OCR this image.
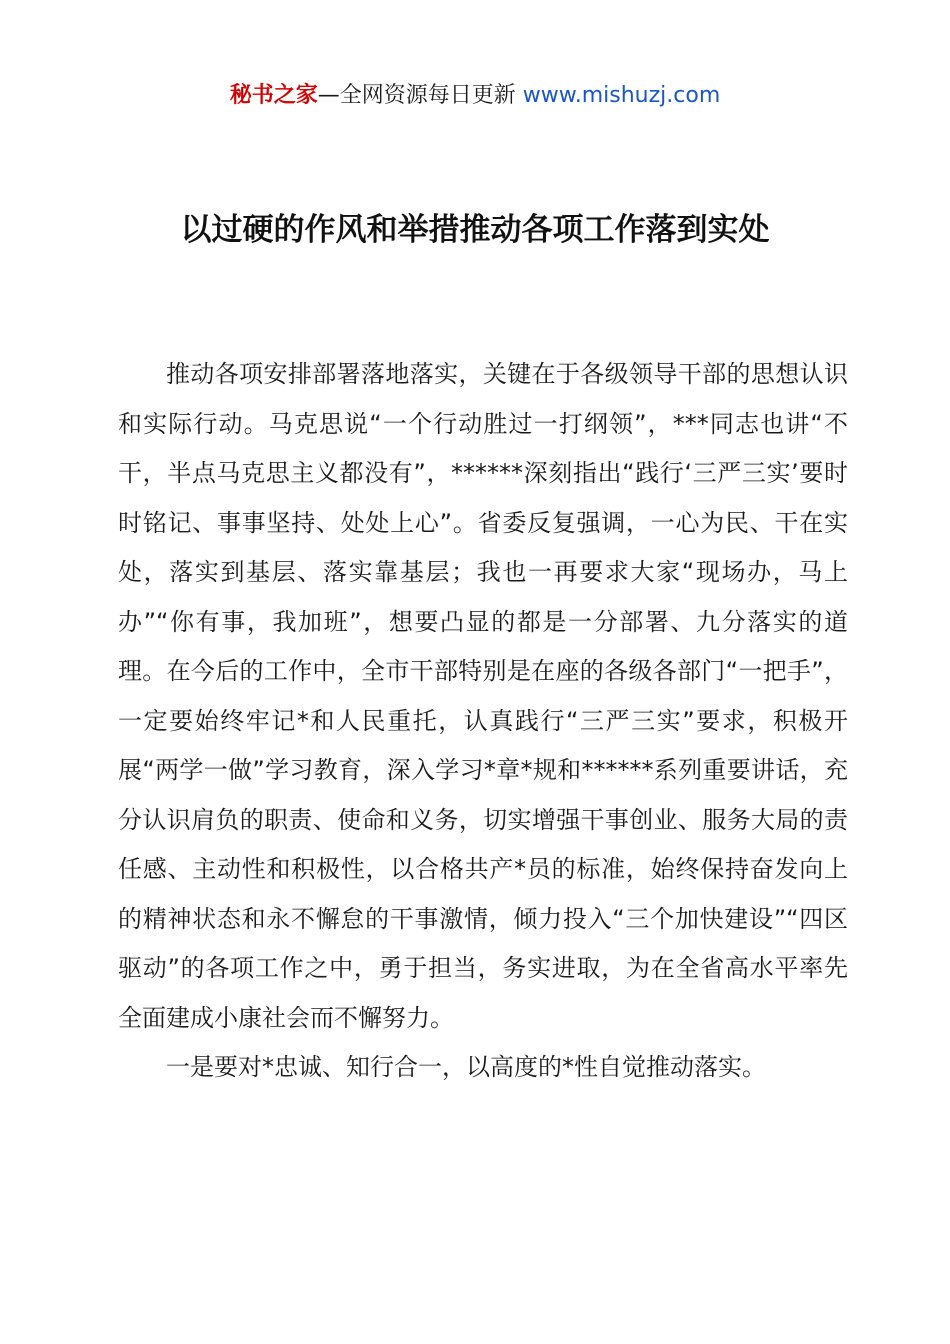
秘书之家—全网资源每日更新 www.mishuzj.com
以过硬的作风和举措推动各项工作落到实处

推动各项安排部署落地落实，关键在于各级领导干部的思想认识和实际行动。马克思说“一个行动胜过一打纲领”，***同志也讲“不干，半点马克思主义都没有”，******深刻指出“践行‘三严三实’要时时铭记、事事坚持、处处上心”。省委反复强调，一心为民、干在实处，落实到基层、落实靠基层；我也一再要求大家“现场办，马上办”“你有事，我加班”，想要凸显的都是一分部署、九分落实的道理。在今后的工作中，全市干部特别是在座的各级各部门“一把手”，一定要始终牢记*和人民重托，认真践行“三严三实”要求，积极开展“两学一做”学习教育，深入学习*章*规和******系列重要讲话，充分认识肩负的职责、使命和义务，切实增强干事创业、服务大局的责任感、主动性和积极性，以合格共产*员的标准，始终保持奋发向上的精神状态和永不懈怠的干事激情，倾力投入“三个加快建设”“四区驱动”的各项工作之中，勇于担当，务实进取，为在全省高水平率先全面建成小康社会而不懈努力。

一是要对*忠诚、知行合一，以高度的*性自觉推动落实。
